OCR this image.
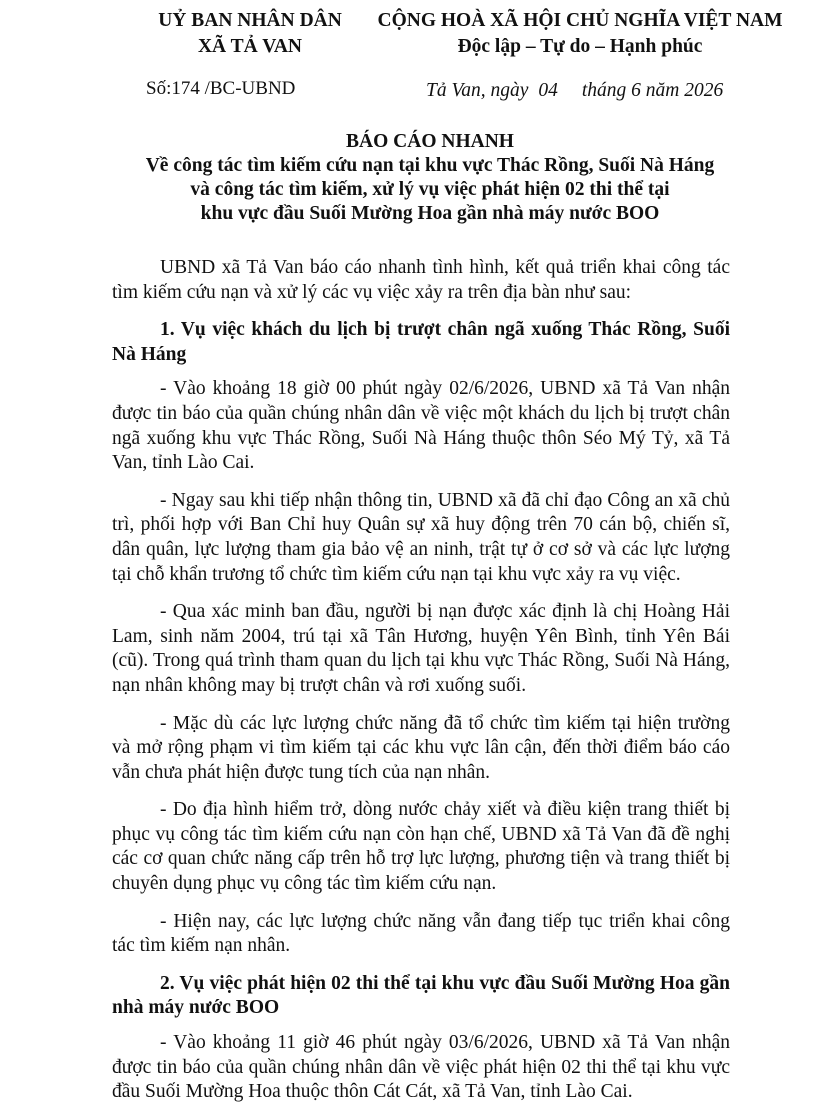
UỶ BAN NHÂN DÂN
XÃ TẢ VAN
CỘNG HOÀ XÃ HỘI CHỦ NGHĨA VIỆT NAM
Độc lập – Tự do – Hạnh phúc
Số:174 /BC-UBND	Tả Van, ngày 04 tháng 6 năm 2026
BÁO CÁO NHANH
Về công tác tìm kiếm cứu nạn tại khu vực Thác Rồng, Suối Nà Háng
và công tác tìm kiếm, xử lý vụ việc phát hiện 02 thi thể tại
khu vực đầu Suối Mường Hoa gần nhà máy nước BOO

UBND xã Tả Van báo cáo nhanh tình hình, kết quả triển khai công tác tìm kiếm cứu nạn và xử lý các vụ việc xảy ra trên địa bàn như sau:

1. Vụ việc khách du lịch bị trượt chân ngã xuống Thác Rồng, Suối Nà Háng

- Vào khoảng 18 giờ 00 phút ngày 02/6/2026, UBND xã Tả Van nhận được tin báo của quần chúng nhân dân về việc một khách du lịch bị trượt chân ngã xuống khu vực Thác Rồng, Suối Nà Háng thuộc thôn Séo Mý Tỷ, xã Tả Van, tỉnh Lào Cai.

- Ngay sau khi tiếp nhận thông tin, UBND xã đã chỉ đạo Công an xã chủ trì, phối hợp với Ban Chỉ huy Quân sự xã huy động trên 70 cán bộ, chiến sĩ, dân quân, lực lượng tham gia bảo vệ an ninh, trật tự ở cơ sở và các lực lượng tại chỗ khẩn trương tổ chức tìm kiếm cứu nạn tại khu vực xảy ra vụ việc.

- Qua xác minh ban đầu, người bị nạn được xác định là chị Hoàng Hải Lam, sinh năm 2004, trú tại xã Tân Hương, huyện Yên Bình, tỉnh Yên Bái (cũ). Trong quá trình tham quan du lịch tại khu vực Thác Rồng, Suối Nà Háng, nạn nhân không may bị trượt chân và rơi xuống suối.

- Mặc dù các lực lượng chức năng đã tổ chức tìm kiếm tại hiện trường và mở rộng phạm vi tìm kiếm tại các khu vực lân cận, đến thời điểm báo cáo vẫn chưa phát hiện được tung tích của nạn nhân.

- Do địa hình hiểm trở, dòng nước chảy xiết và điều kiện trang thiết bị phục vụ công tác tìm kiếm cứu nạn còn hạn chế, UBND xã Tả Van đã đề nghị các cơ quan chức năng cấp trên hỗ trợ lực lượng, phương tiện và trang thiết bị chuyên dụng phục vụ công tác tìm kiếm cứu nạn.

- Hiện nay, các lực lượng chức năng vẫn đang tiếp tục triển khai công tác tìm kiếm nạn nhân.

2. Vụ việc phát hiện 02 thi thể tại khu vực đầu Suối Mường Hoa gần nhà máy nước BOO

- Vào khoảng 11 giờ 46 phút ngày 03/6/2026, UBND xã Tả Van nhận được tin báo của quần chúng nhân dân về việc phát hiện 02 thi thể tại khu vực đầu Suối Mường Hoa thuộc thôn Cát Cát, xã Tả Van, tỉnh Lào Cai.
